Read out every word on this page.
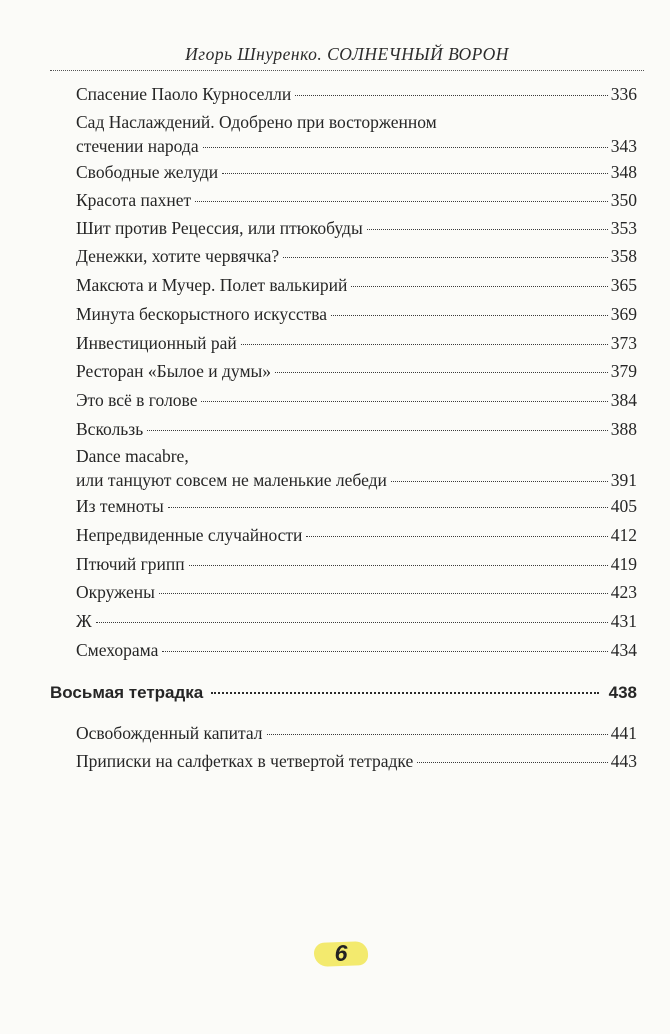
Игорь Шнуренко. СОЛНЕЧНЫЙ ВОРОН
Спасение Паоло Курноселли	336
Сад Наслаждений. Одобрено при восторженном
стечении народа	343
Свободные желуди	348
Красота пахнет	350
Шит против Рецессия, или птюкобуды	353
Денежки, хотите червячка?	358
Максюта и Мучер. Полет валькирий	365
Минута бескорыстного искусства	369
Инвестиционный рай	373
Ресторан «Былое и думы»	379
Это всё в голове	384
Вскользь	388
Dance macabre,
или танцуют совсем не маленькие лебеди	391
Из темноты	405
Непредвиденные случайности	412
Птючий грипп	419
Окружены	423
Ж	431
Смехорама	434
Восьмая тетрадка	438
Освобожденный капитал	441
Приписки на салфетках в четвертой тетрадке	443
6
